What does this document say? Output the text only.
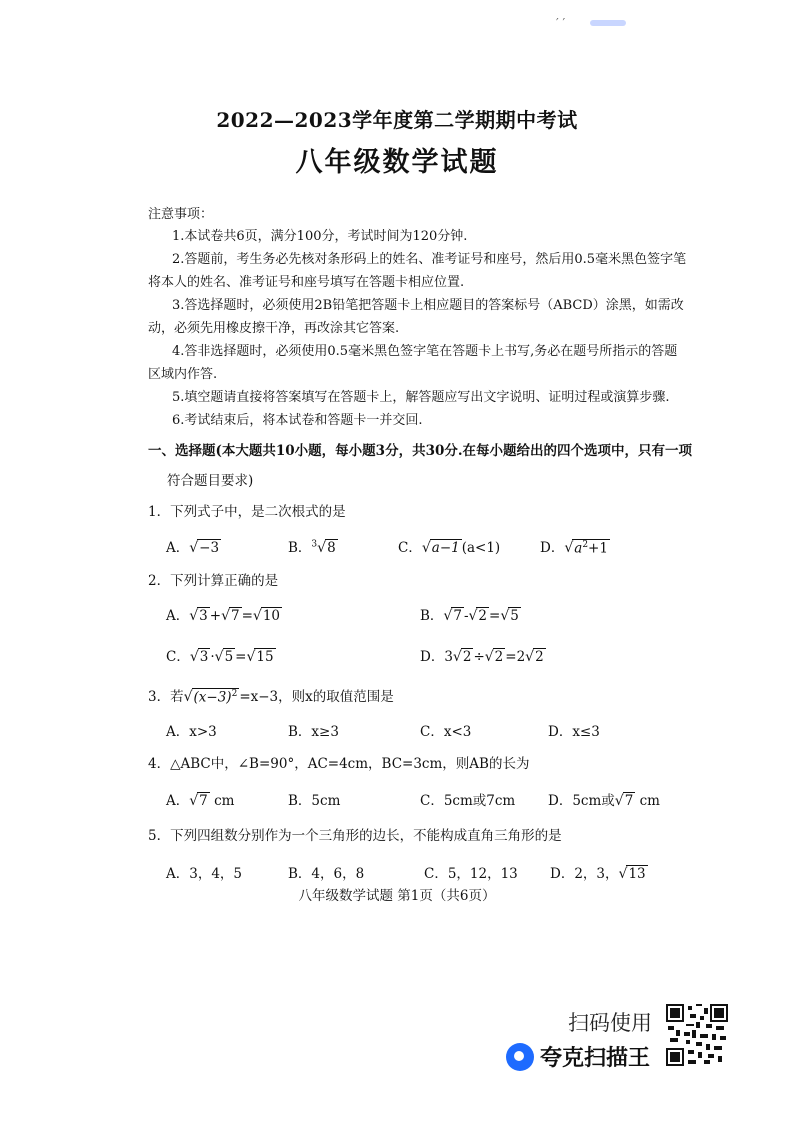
′ ′
2022—2023学年度第二学期期中考试
八年级数学试题
注意事项：
1.本试卷共6页，满分100分，考试时间为120分钟.
2.答题前，考生务必先核对条形码上的姓名、准考证号和座号，然后用0.5毫米黑色签字笔
将本人的姓名、准考证号和座号填写在答题卡相应位置.
3.答选择题时，必须使用2B铅笔把答题卡上相应题目的答案标号（ABCD）涂黑，如需改
动，必须先用橡皮擦干净，再改涂其它答案.
4.答非选择题时，必须使用0.5毫米黑色签字笔在答题卡上书写,务必在题号所指示的答题
区域内作答.
5.填空题请直接将答案填写在答题卡上，解答题应写出文字说明、证明过程或演算步骤.
6.考试结束后，将本试卷和答题卡一并交回.
一、选择题(本大题共10小题，每小题3分，共30分.在每小题给出的四个选项中，只有一项
符合题目要求)
1．下列式子中，是二次根式的是
A．√−3	B．$^3$√8	C．√a−1 (a<1)	D．$√a^2+1$
2．下列计算正确的是
A．√3 +√7 =√10	B．√7 -√2 =√5
C．√3 ·√5 =√15	D．3√2 ÷√2 =2√2
3．若$√(x-3)^2 =x-3$，则x的取值范围是
A．x>3	B．x≥3	C．x<3	D．x≤3
4．△ABC中，∠B=90°，AC=4cm，BC=3cm，则AB的长为
A．√7 cm	B．5cm	C．5cm或7cm D．5cm或√7 cm
5．下列四组数分别作为一个三角形的边长，不能构成直角三角形的是
A．3，4，5	B．4，6，8	C．5，12，13 D．2，3，√13
八年级数学试题 第1页（共6页）
扫码使用
夸克扫描王
